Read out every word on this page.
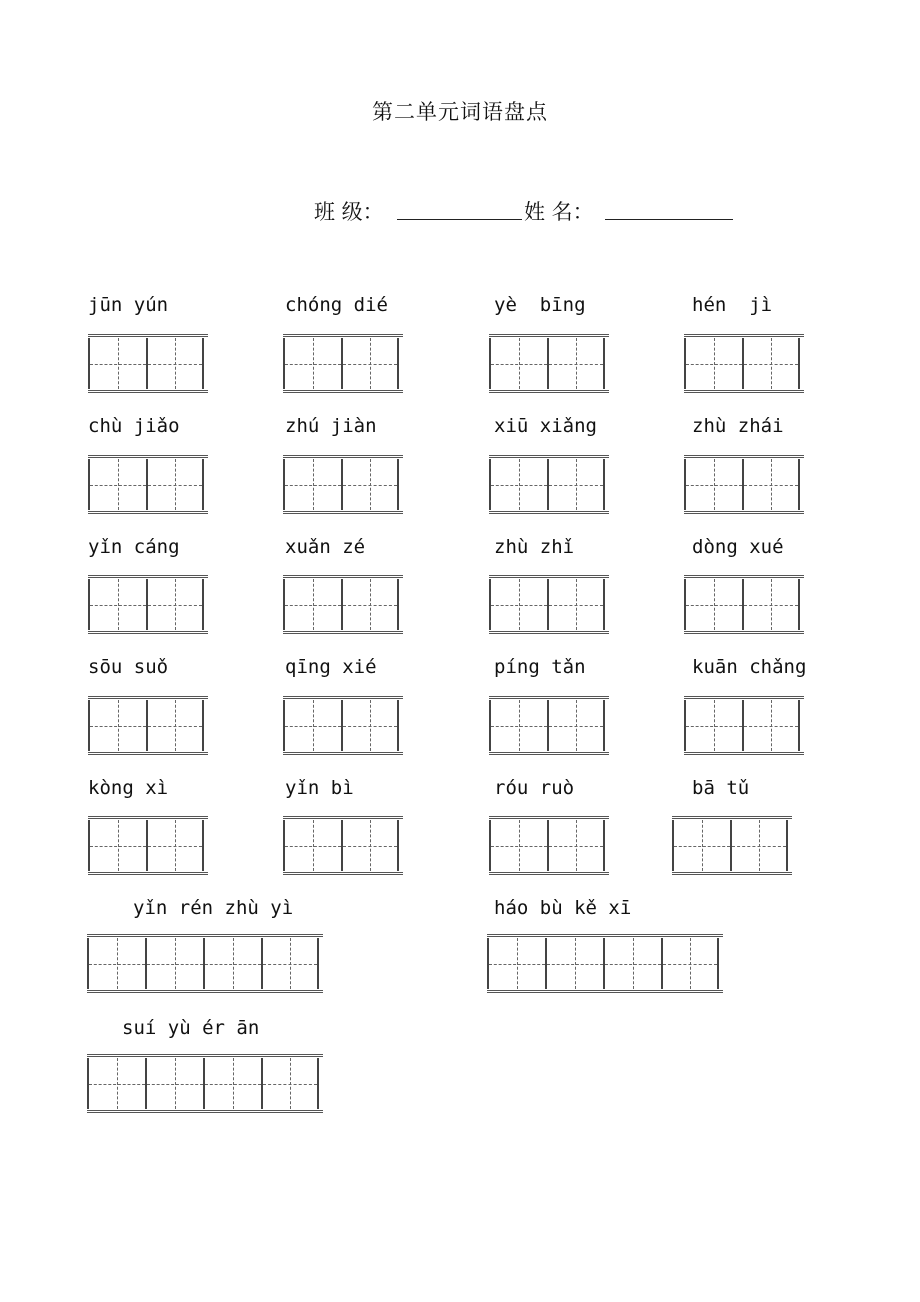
第二单元词语盘点
班 级：	姓 名：
jūn yún	chóng dié	yè  bīng	hén  jì
chù jiǎo	zhú jiàn	xiū xiǎng	zhù zhái
yǐn cáng	xuǎn zé	zhù zhǐ	dòng xué
sōu suǒ	qīng xié	píng tǎn	kuān chǎng
kòng xì	yǐn bì	róu ruò	bā tǔ
yǐn rén zhù yì	háo bù kě xī
suí yù ér ān
